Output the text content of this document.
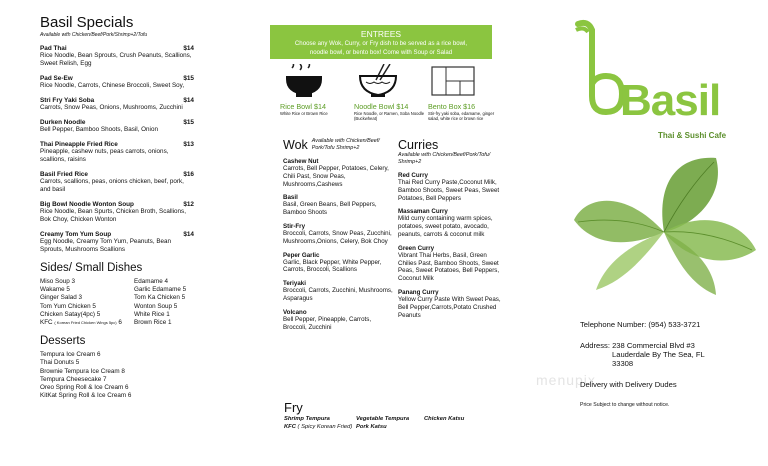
Basil Specials
Available with Chicken/Beef/Pork/Shrimp+2/Tofu
Pad Thai	$14
Rice Noodle, Bean Sprouts, Crush Peanuts, Scallions, Sweet Relish, Egg
Pad Se-Ew	$15
Rice Noodle, Carrots, Chinese Broccoli, Sweet Soy,
Stri Fry Yaki Soba	$14
Carrots, Snow Peas, Onions, Mushrooms, Zucchini
Durken Noodle	$15
Bell Pepper, Bamboo Shoots, Basil, Onion
Thai Pineapple Fried Rice	$13
Pineapple, cashew nuts, peas carrots, onions, scallions, raisins
Basil Fried Rice	$16
Carrots, scallions, peas, onions chicken, beef, pork, and basil
Big Bowl Noodle Wonton Soup	$12
Rice Noodle, Bean Spurts, Chicken Broth, Scallions, Bok Choy, Chicken Wonton
Creamy Tom Yum Soup	$14
Egg Noodle, Creamy Tom Yum, Peanuts, Bean Sprouts, Mushrooms Scallions
Sides/ Small Dishes
Miso Soup 3
Wakame 5
Ginger Salad 3
Tom Yum Chicken 5
Chicken Satay(4pc) 5
KFC ( Korean Fried Chicken Wings 5pc) 6
Edamame 4
Garlic Edamame 5
Tom Ka Chicken 5
Wonton Soup 5
White Rice 1
Brown Rice 1
Desserts
Tempura Ice Cream 6
Thai Donuts 5
Brownie Tempura Ice Cream 8
Tempura Cheesecake 7
Oreo Spring Roll & Ice Cream 6
KitKat Spring Roll & Ice Cream 6
ENTREES
Choose any Wok, Curry, or Fry dish to be served as a rice bowl,
noodle bowl, or bento box! Come with Soup or Salad
Rice Bowl $14
White Rice or Brown Rice
Noodle Bowl $14
Rice Noodle, or Ramen, Soba Noodle (Buckwheat)
Bento Box $16
Stir-fry yaki soba, edamame, ginger salad, white rice or brown rice
Wok Available with Chicken/Beef/ Pork/Tofu Shrimp+2
Cashew Nut
Carrots, Bell Pepper, Potatoes, Celery, Chili Past, Snow Peas, Mushrooms,Cashews
Basil
Basil, Green Beans, Bell Peppers, Bamboo Shoots
Stir-Fry
Broccoli, Carrots, Snow Peas, Zucchini, Mushrooms,Onions, Celery, Bok Choy
Peper Garlic
Garlic, Black Pepper, White Pepper, Carrots, Broccoli, Scallions
Teriyaki
Broccoli, Carrots, Zucchini, Mushrooms, Asparagus
Volcano
Bell Pepper, Pineapple, Carrots, Broccoli, Zucchini
Curries
Available with Chicken/Beef/Pork/Tofu/ Shrimp+2
Red Curry
Thai Red Curry Paste,Coconut Milk, Bamboo Shoots, Sweet Peas, Sweet Potatoes, Bell Peppers
Massaman Curry
Mild curry containing warm spices, potatoes, sweet potato, avocado, peanuts, carrots & coconut milk
Green Curry
Vibrant Thai Herbs, Basil, Green Chilies Past, Bamboo Shoots, Sweet Peas, Sweet Potatoes, Bell Peppers, Coconut Milk
Panang Curry
Yellow Curry Paste With Sweet Peas, Bell Pepper,Carrots,Potato Crushed Peanuts
Fry
Shrimp Tempura	Vegetable Tempura	Chicken Katsu
KFC ( Spicy Korean Fried) Pork Katsu
Basil
Thai & Sushi Cafe
menupix
Telephone Number: (954) 533-3721
Address: 238 Commercial Blvd #3
Lauderdale By The Sea, FL
33308
Delivery with Delivery Dudes
Price Subject to change without notice.
